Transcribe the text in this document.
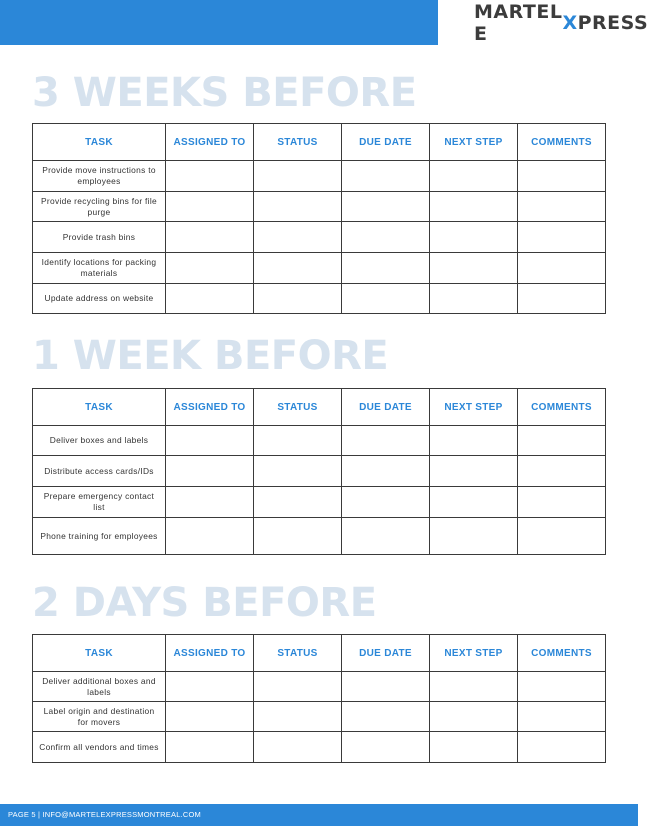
MARTEL E	X PRESS
3 WEEKS BEFORE
TASK	ASSIGNED TO	STATUS	DUE DATE	NEXT STEP	COMMENTS
Provide move instructions to employees					
Provide recycling bins for file purge					
Provide trash bins					
Identify locations for packing materials					
Update address on website					
1 WEEK BEFORE
TASK	ASSIGNED TO	STATUS	DUE DATE	NEXT STEP	COMMENTS
Deliver boxes and labels					
Distribute access cards/IDs					
Prepare emergency contact list					
Phone training for employees					
2 DAYS BEFORE
TASK	ASSIGNED TO	STATUS	DUE DATE	NEXT STEP	COMMENTS
Deliver additional boxes and labels					
Label origin and destination for movers					
Confirm all vendors and times					
PAGE 5 | INFO@MARTELEXPRESSMONTREAL.COM
